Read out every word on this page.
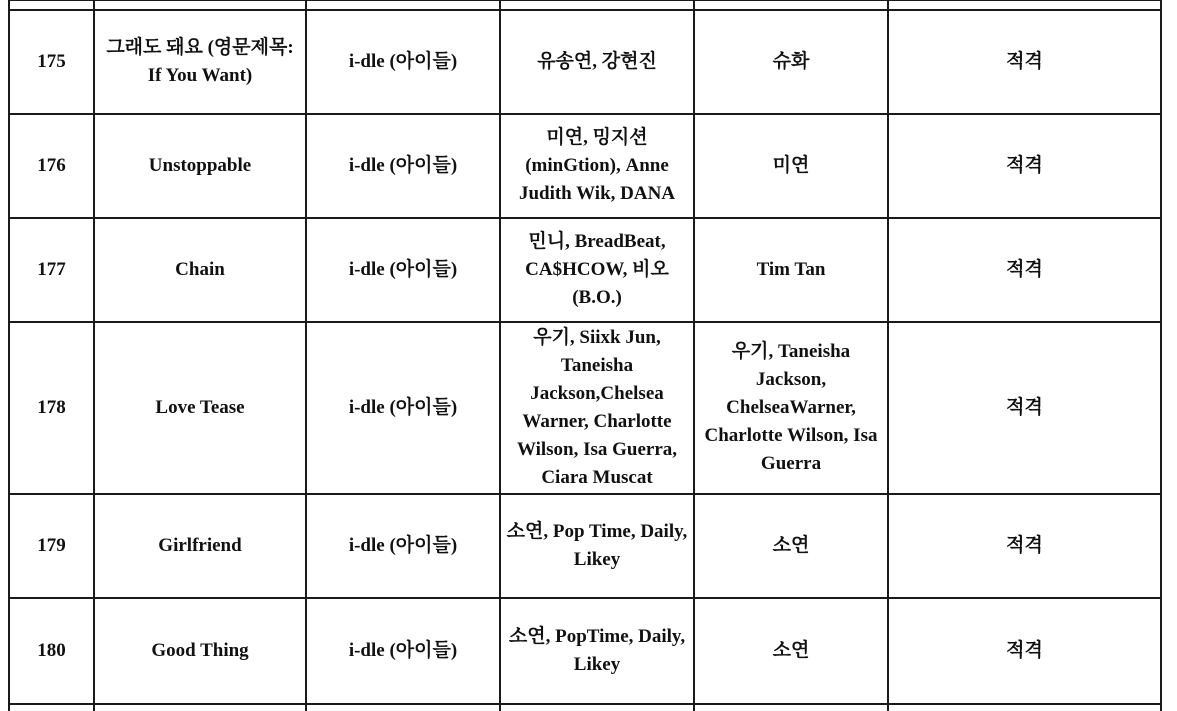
175	그래도 돼요 (영문제목: If You Want)	i-dle (아이들)	유송연, 강현진	슈화	적격
176	Unstoppable	i-dle (아이들)	미연, 밍지션 (minGtion), Anne Judith Wik, DANA	미연	적격
177	Chain	i-dle (아이들)	민니, BreadBeat, CA$HCOW, 비오 (B.O.)	Tim Tan	적격
178	Love Tease	i-dle (아이들)	우기, Siixk Jun, Taneisha Jackson,Chelsea Warner, Charlotte Wilson, Isa Guerra, Ciara Muscat	우기, Taneisha Jackson, ChelseaWarner, Charlotte Wilson, Isa Guerra	적격
179	Girlfriend	i-dle (아이들)	소연, Pop Time, Daily, Likey	소연	적격
180	Good Thing	i-dle (아이들)	소연, PopTime, Daily, Likey	소연	적격
